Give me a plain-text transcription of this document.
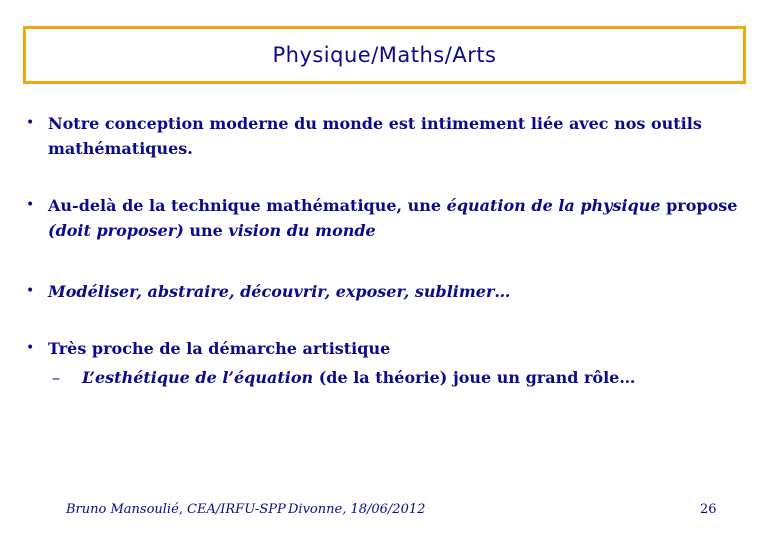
Physique/Maths/Arts
• Notre conception moderne du monde est intimement liée avec nos outils
mathématiques.
• Au-delà de la technique mathématique, une équation de la physique propose
(doit proposer) une vision du monde
• Modéliser, abstraire, découvrir, exposer, sublimer…
• Très proche de la démarche artistique
–	L’esthétique de l’équation (de la théorie) joue un grand rôle…
Bruno Mansoulié, CEA/IRFU-SPP Divonne, 18/06/2012	26
